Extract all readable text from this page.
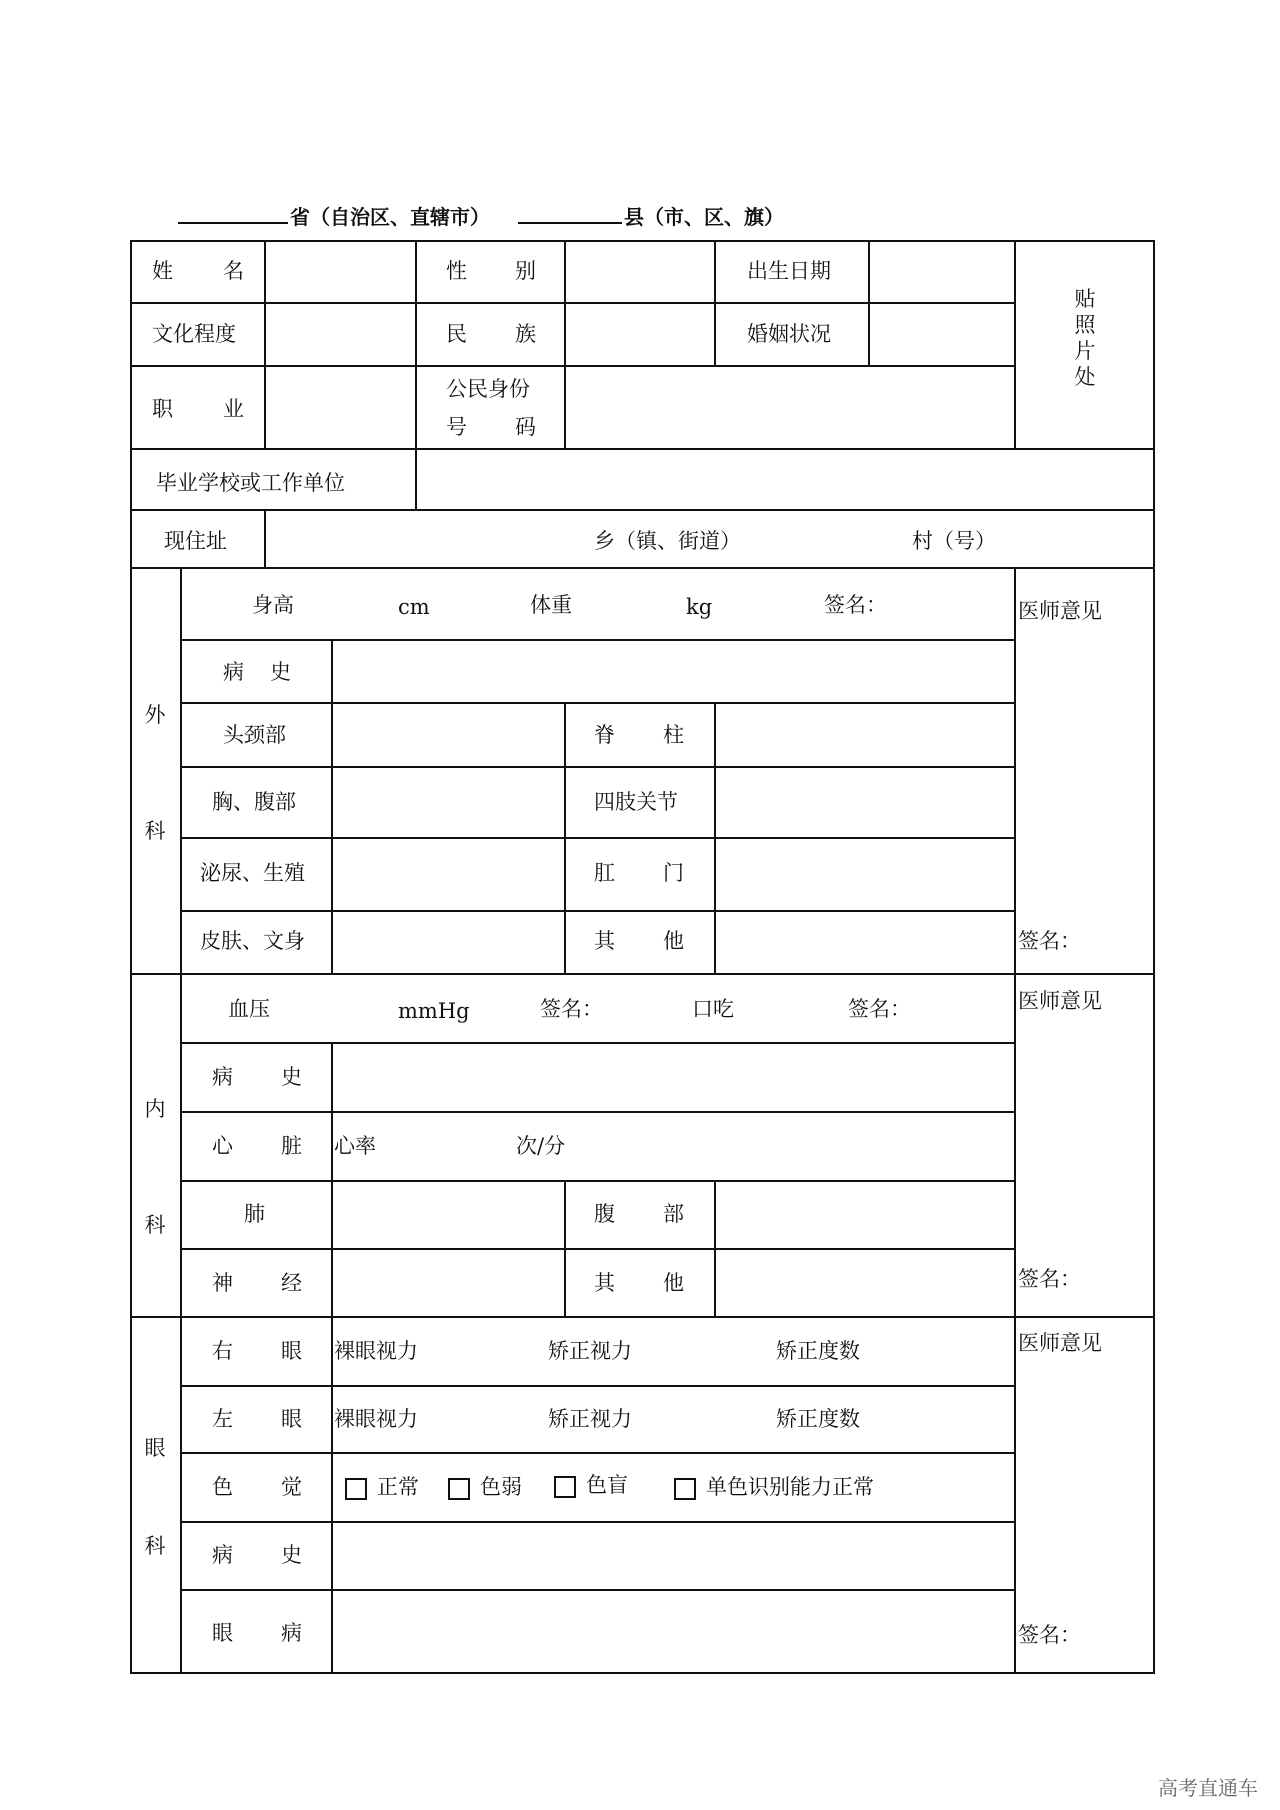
省（自治区、直辖市）	县（市、区、旗）
姓 名	性 别	出生日期
贴
照
片
处
文化程度	民 族	婚姻状况
职 业
公民身份
号 码
毕业学校或工作单位
现住址	乡（镇、街道）	村（号）
外
科
身高	cm	体重	kg	签名：
病 史
头颈部	脊 柱
胸、腹部	四肢关节
泌尿、生殖	肛 门
皮肤、文身	其 他
医师意见
签名：
内
科
血压	mmHg	签名：	口吃	签名：
病 史
心 脏 心率	次/分
肺	腹 部
神 经	其 他
医师意见
签名：
眼
科
右 眼 裸眼视力	矫正视力	矫正度数
左 眼 裸眼视力	矫正视力	矫正度数
色 觉	正常	色弱	色盲	单色识别能力正常
病 史
眼 病
医师意见
签名：
高考直通车
